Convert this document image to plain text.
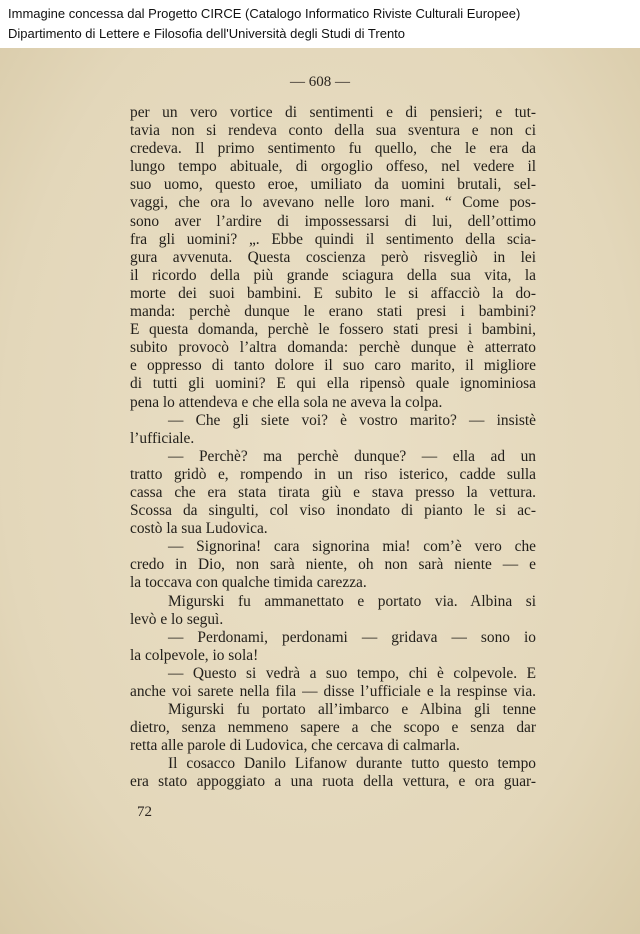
Immagine concessa dal Progetto CIRCE (Catalogo Informatico Riviste Culturali Europee)
Dipartimento di Lettere e Filosofia dell'Università degli Studi di Trento
— 608 —
per un vero vortice di sentimenti e di pensieri; e tut-
tavia non si rendeva conto della sua sventura e non ci
credeva. Il primo sentimento fu quello, che le era da
lungo tempo abituale, di orgoglio offeso, nel vedere il
suo uomo, questo eroe, umiliato da uomini brutali, sel-
vaggi, che ora lo avevano nelle loro mani. “ Come pos-
sono aver l’ardire di impossessarsi di lui, dell’ottimo
fra gli uomini? „. Ebbe quindi il sentimento della scia-
gura avvenuta. Questa coscienza però risvegliò in lei
il ricordo della più grande sciagura della sua vita, la
morte dei suoi bambini. E subito le si affacciò la do-
manda: perchè dunque le erano stati presi i bambini?
E questa domanda, perchè le fossero stati presi i bambini,
subito provocò l’altra domanda: perchè dunque è atterrato
e oppresso di tanto dolore il suo caro marito, il migliore
di tutti gli uomini? E qui ella ripensò quale ignominiosa
pena lo attendeva e che ella sola ne aveva la colpa.
— Che gli siete voi? è vostro marito? — insistè
l’ufficiale.
— Perchè? ma perchè dunque? — ella ad un
tratto gridò e, rompendo in un riso isterico, cadde sulla
cassa che era stata tirata giù e stava presso la vettura.
Scossa da singulti, col viso inondato di pianto le si ac-
costò la sua Ludovica.
— Signorina! cara signorina mia! com’è vero che
credo in Dio, non sarà niente, oh non sarà niente — e
la toccava con qualche timida carezza.
Migurski fu ammanettato e portato via. Albina si
levò e lo seguì.
— Perdonami, perdonami — gridava — sono io
la colpevole, io sola!
— Questo si vedrà a suo tempo, chi è colpevole. E
anche voi sarete nella fila — disse l’ufficiale e la respinse via.
Migurski fu portato all’imbarco e Albina gli tenne
dietro, senza nemmeno sapere a che scopo e senza dar
retta alle parole di Ludovica, che cercava di calmarla.
Il cosacco Danilo Lifanow durante tutto questo tempo
era stato appoggiato a una ruota della vettura, e ora guar-
72
